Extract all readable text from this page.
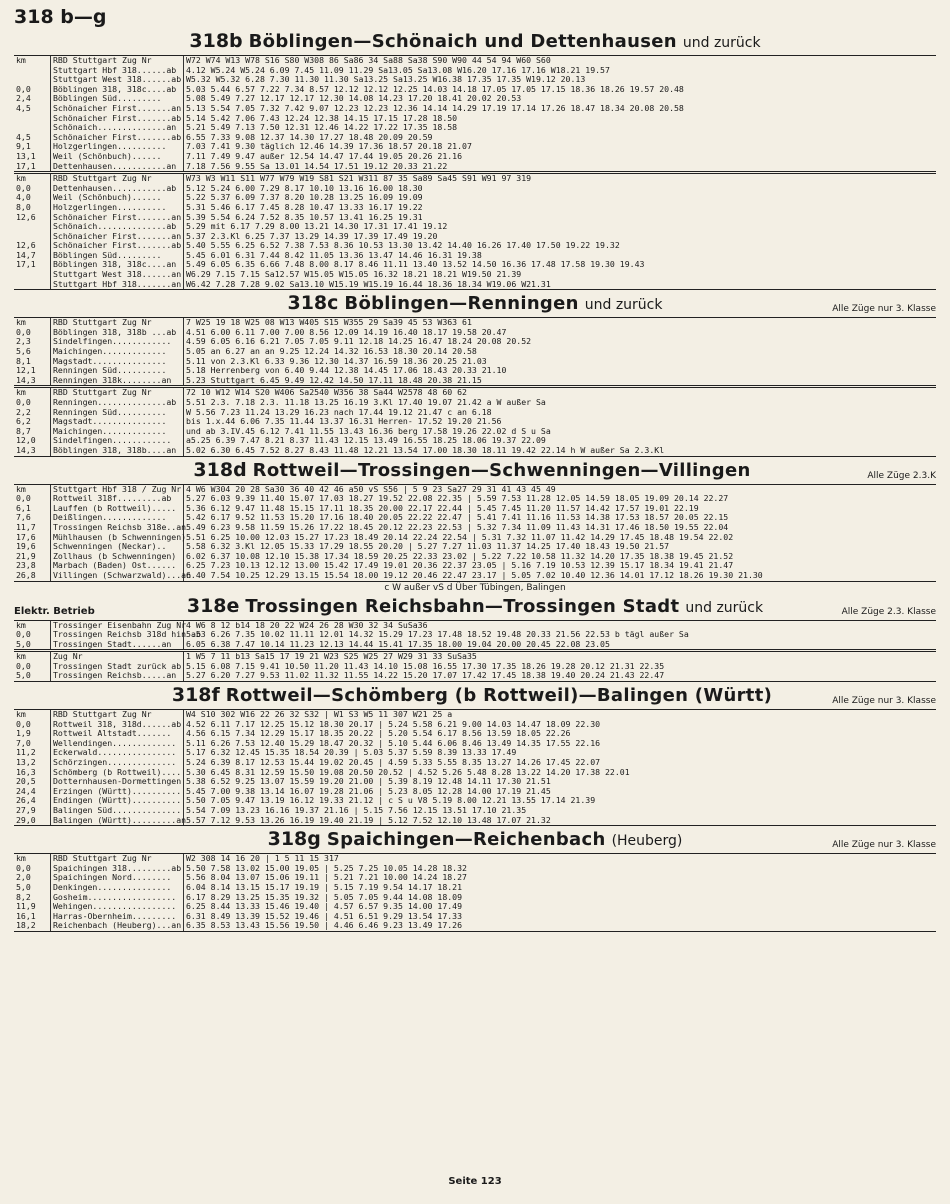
318 b—g
318b Böblingen—Schönaich und Dettenhausen und zurück
km	RBD Stuttgart Zug Nr	W72 W74 W13 W78 S16 S80 W308 86 Sa86 34 Sa88 Sa38 S90 W90 44 54 94 W60 S60
	Stuttgart Hbf 318......ab	4.12 W5.24 W5.24 6.09 7.45 11.09 11.29 Sa13.05 Sa13.08 W16.20 17.16 17.16 W18.21 19.57
	Stuttgart West 318......ab	W5.32 W5.32 6.28 7.30 11.30 11.30 Sa13.25 Sa13.25 W16.38 17.35 17.35 W19.12 20.13
0,0	Böblingen 318, 318c....ab	5.03 5.44 6.57 7.22 7.34 8.57 12.12 12.12 12.25 14.03 14.18 17.05 17.05 17.15 18.36 18.26 19.57 20.48
2,4	Böblingen Süd.........	5.08 5.49 7.27 12.17 12.17 12.30 14.08 14.23 17.20 18.41 20.02 20.53
4,5	Schönaicher First.......an	5.13 5.54 7.05 7.32 7.42 9.07 12.23 12.23 12.36 14.14 14.29 17.19 17.14 17.26 18.47 18.34 20.08 20.58
	Schönaicher First.......ab	5.14 5.42 7.06 7.43 12.24 12.38 14.15 17.15 17.28 18.50
	Schönaich..............an	5.21 5.49 7.13 7.50 12.31 12.46 14.22 17.22 17.35 18.58
4,5	Schönaicher First.......ab	6.55 7.33 9.08 12.37 14.30 17.27 18.48 20.09 20.59
9,1	Holzgerlingen..........	7.03 7.41 9.30 täglich 12.46 14.39 17.36 18.57 20.18 21.07
13,1	Weil (Schönbuch)......	7.11 7.49 9.47 außer 12.54 14.47 17.44 19.05 20.26 21.16
17,1	Dettenhausen...........an	7.18 7.56 9.55 Sa 13.01 14.54 17.51 19.12 20.33 21.22
km	RBD Stuttgart Zug Nr	W73 W3 W11 S11 W77 W79 W19 S81 S21 W311 87 35 Sa89 Sa45 S91 W91 97 319
0,0	Dettenhausen...........ab	5.12 5.24 6.00 7.29 8.17 10.10 13.16 16.00 18.30
4,0	Weil (Schönbuch)......	5.22 5.37 6.09 7.37 8.20 10.28 13.25 16.09 19.09
8,0	Holzgerlingen..........	5.31 5.46 6.17 7.45 8.28 10.47 13.33 16.17 19.22
12,6	Schönaicher First.......an	5.39 5.54 6.24 7.52 8.35 10.57 13.41 16.25 19.31
	Schönaich..............ab	5.29 mit 6.17 7.29 8.00 13.21 14.30 17.31 17.41 19.12
	Schönaicher First.......an	5.37 2.3.Kl 6.25 7.37 13.29 14.39 17.39 17.49 19.20
12,6	Schönaicher First.......ab	5.40 5.55 6.25 6.52 7.38 7.53 8.36 10.53 13.30 13.42 14.40 16.26 17.40 17.50 19.22 19.32
14,7	Böblingen Süd.........	5.45 6.01 6.31 7.44 8.42 11.05 13.36 13.47 14.46 16.31 19.38
17,1	Böblingen 318, 318c....an	5.49 6.05 6.35 6.66 7.48 8.00 8.17 8.46 11.11 13.40 13.52 14.50 16.36 17.48 17.58 19.30 19.43
	Stuttgart West 318......an	W6.29 7.15 7.15 Sa12.57 W15.05 W15.05 16.32 18.21 18.21 W19.50 21.39
	Stuttgart Hbf 318.......an	W6.42 7.28 7.28 9.02 Sa13.10 W15.19 W15.19 16.44 18.36 18.34 W19.06 W21.31
318c Böblingen—Renningen und zurück	Alle Züge nur 3. Klasse
km	RBD Stuttgart Zug Nr	7 W25 19 18 W25 08 W13 W405 S15 W355 29 Sa39 45 53 W363 61
0,0	Böblingen 318, 318b ...ab	4.51 6.00 6.11 7.00 7.00 8.56 12.09 14.19 16.40 18.17 19.58 20.47
2,3	Sindelfingen............	4.59 6.05 6.16 6.21 7.05 7.05 9.11 12.18 14.25 16.47 18.24 20.08 20.52
5,6	Maichingen.............	5.05 an 6.27 an an 9.25 12.24 14.32 16.53 18.30 20.14 20.58
8,1	Magstadt...............	5.11 von 2.3.Kl 6.33 9.36 12.30 14.37 16.59 18.36 20.25 21.03
12,1	Renningen Süd..........	5.18 Herrenberg von 6.40 9.44 12.38 14.45 17.06 18.43 20.33 21.10
14,3	Renningen 318k........an	5.23 Stuttgart 6.45 9.49 12.42 14.50 17.11 18.48 20.38 21.15
km	RBD Stuttgart Zug Nr	72 10 W12 W14 S20 W406 Sa2540 W356 38 Sa44 W2578 48 60 62
0,0	Renningen..............ab	5.51 2.3. 7.18 2.3. 11.18 13.25 16.19 3.Kl 17.40 19.07 21.42 a W außer Sa
2,2	Renningen Süd..........	W 5.56 7.23 11.24 13.29 16.23 nach 17.44 19.12 21.47 c an 6.18
6,2	Magstadt...............	bis 1.x.44 6.06 7.35 11.44 13.37 16.31 Herren- 17.52 19.20 21.56
8,7	Maichingen.............	und ab 3.IV.45 6.12 7.41 11.55 13.43 16.36 berg 17.58 19.26 22.02 d S u Sa
12,0	Sindelfingen............	a5.25 6.39 7.47 8.21 8.37 11.43 12.15 13.49 16.55 18.25 18.06 19.37 22.09
14,3	Böblingen 318, 318b....an	5.02 6.30 6.45 7.52 8.27 8.43 11.48 12.21 13.54 17.00 18.30 18.11 19.42 22.14 h W außer Sa 2.3.Kl
318d Rottweil—Trossingen—Schwenningen—Villingen	Alle Züge 2.3.K
km	Stuttgart Hbf 318 / Zug Nr	4 W6 W304 20 28 Sa30 36 40 42 46 a50 vS S56 | 5 9 23 Sa27 29 31 41 43 45 49
0,0	Rottweil 318f.........ab	5.27 6.03 9.39 11.40 15.07 17.03 18.27 19.52 22.08 22.35 | 5.59 7.53 11.28 12.05 14.59 18.05 19.09 20.14 22.27
6,1	Lauffen (b Rottweil).....	5.36 6.12 9.47 11.48 15.15 17.11 18.35 20.00 22.17 22.44 | 5.45 7.45 11.20 11.57 14.42 17.57 19.01 22.19
7,6	Deißlingen.............	5.42 6.17 9.52 11.53 15.20 17.16 18.40 20.05 22.22 22.47 | 5.41 7.41 11.16 11.53 14.38 17.53 18.57 20.05 22.15
11,7	Trossingen Reichsb 318e..an	5.49 6.23 9.58 11.59 15.26 17.22 18.45 20.12 22.23 22.53 | 5.32 7.34 11.09 11.43 14.31 17.46 18.50 19.55 22.04
17,6	Mühlhausen (b Schwenningen)	5.51 6.25 10.00 12.03 15.27 17.23 18.49 20.14 22.24 22.54 | 5.31 7.32 11.07 11.42 14.29 17.45 18.48 19.54 22.02
19,6	Schwenningen (Neckar)..	5.58 6.32 3.Kl 12.05 15.33 17.29 18.55 20.20 | 5.27 7.27 11.03 11.37 14.25 17.40 18.43 19.50 21.57
21,9	Zollhaus (b Schwenningen)	6.02 6.37 10.08 12.10 15.38 17.34 18.59 20.25 22.33 23.02 | 5.22 7.22 10.58 11.32 14.20 17.35 18.38 19.45 21.52
23,8	Marbach (Baden) Ost......	6.25 7.23 10.13 12.12 13.00 15.42 17.49 19.01 20.36 22.37 23.05 | 5.16 7.19 10.53 12.39 15.17 18.34 19.41 21.47
26,8	Villingen (Schwarzwald)...an	6.40 7.54 10.25 12.29 13.15 15.54 18.00 19.12 20.46 22.47 23.17 | 5.05 7.02 10.40 12.36 14.01 17.12 18.26 19.30 21.30
c W außer vS d Über Tübingen, Balingen
Elektr. Betrieb	318e Trossingen Reichsbahn—Trossingen Stadt und zurück	Alle Züge 2.3. Klasse
km	Trossinger Eisenbahn Zug Nr	4 W6 8 12 b14 18 20 22 W24 26 28 W30 32 34 SuSa36
0,0	Trossingen Reichsb 318d hin ab	5.53 6.26 7.35 10.02 11.11 12.01 14.32 15.29 17.23 17.48 18.52 19.48 20.33 21.56 22.53 b tägl außer Sa
5,0	Trossingen Stadt......an	6.05 6.38 7.47 10.14 11.23 12.13 14.44 15.41 17.35 18.00 19.04 20.00 20.45 22.08 23.05
km	Zug Nr	1 W5 7 11 b13 Sa15 17 19 21 W23 S25 W25 27 W29 31 33 SuSa35
0,0	Trossingen Stadt zurück ab	5.15 6.08 7.15 9.41 10.50 11.20 11.43 14.10 15.08 16.55 17.30 17.35 18.26 19.28 20.12 21.31 22.35
5,0	Trossingen Reichsb.....an	5.27 6.20 7.27 9.53 11.02 11.32 11.55 14.22 15.20 17.07 17.42 17.45 18.38 19.40 20.24 21.43 22.47
318f Rottweil—Schömberg (b Rottweil)—Balingen (Württ)	Alle Züge nur 3. Klasse
km	RBD Stuttgart Zug Nr	W4 S10 302 W16 22 26 32 S32 | W1 S3 W5 11 307 W21 25 a
0,0	Rottweil 318, 318d......ab	4.52 6.11 7.17 12.25 15.12 18.30 20.17 | 5.24 5.58 6.21 9.00 14.03 14.47 18.09 22.30
1,9	Rottweil Altstadt.......	4.56 6.15 7.34 12.29 15.17 18.35 20.22 | 5.20 5.54 6.17 8.56 13.59 18.05 22.26
7,0	Wellendingen.............	5.11 6.26 7.53 12.40 15.29 18.47 20.32 | 5.10 5.44 6.06 8.46 13.49 14.35 17.55 22.16
11,2	Eckerwald................	5.17 6.32 12.45 15.35 18.54 20.39 | 5.03 5.37 5.59 8.39 13.33 17.49
13,2	Schörzingen..............	5.24 6.39 8.17 12.53 15.44 19.02 20.45 | 4.59 5.33 5.55 8.35 13.27 14.26 17.45 22.07
16,3	Schömberg (b Rottweil)....	5.30 6.45 8.31 12.59 15.50 19.08 20.50 20.52 | 4.52 5.26 5.48 8.28 13.22 14.20 17.38 22.01
20,5	Dotternhausen-Dormettingen	5.38 6.52 9.25 13.07 15.59 19.20 21.00 | 5.39 8.19 12.48 14.11 17.30 21.51
24,4	Erzingen (Württ)..........	5.45 7.00 9.38 13.14 16.07 19.28 21.06 | 5.23 8.05 12.28 14.00 17.19 21.45
26,4	Endingen (Württ)..........	5.50 7.05 9.47 13.19 16.12 19.33 21.12 | c S u V8 5.19 8.00 12.21 13.55 17.14 21.39
27,9	Balingen Süd..............	5.54 7.09 13.23 16.16 19.37 21.16 | 5.15 7.56 12.15 13.51 17.10 21.35
29,0	Balingen (Württ).........an	5.57 7.12 9.53 13.26 16.19 19.40 21.19 | 5.12 7.52 12.10 13.48 17.07 21.32
318g Spaichingen—Reichenbach (Heuberg)	Alle Züge nur 3. Klasse
km	RBD Stuttgart Zug Nr	W2 308 14 16 20 | 1 5 11 15 317
0,0	Spaichingen 318.........ab	5.50 7.58 13.02 15.00 19.05 | 5.25 7.25 10.05 14.28 18.32
2,0	Spaichingen Nord........	5.56 8.04 13.07 15.06 19.11 | 5.21 7.21 10.00 14.24 18.27
5,0	Denkingen...............	6.04 8.14 13.15 15.17 19.19 | 5.15 7.19 9.54 14.17 18.21
8,2	Gosheim..................	6.17 8.29 13.25 15.35 19.32 | 5.05 7.05 9.44 14.08 18.09
11,9	Wehingen.................	6.25 8.44 13.33 15.46 19.40 | 4.57 6.57 9.35 14.00 17.49
16,1	Harras-Obernheim.........	6.31 8.49 13.39 15.52 19.46 | 4.51 6.51 9.29 13.54 17.33
18,2	Reichenbach (Heuberg)...an	6.35 8.53 13.43 15.56 19.50 | 4.46 6.46 9.23 13.49 17.26
Seite 123
